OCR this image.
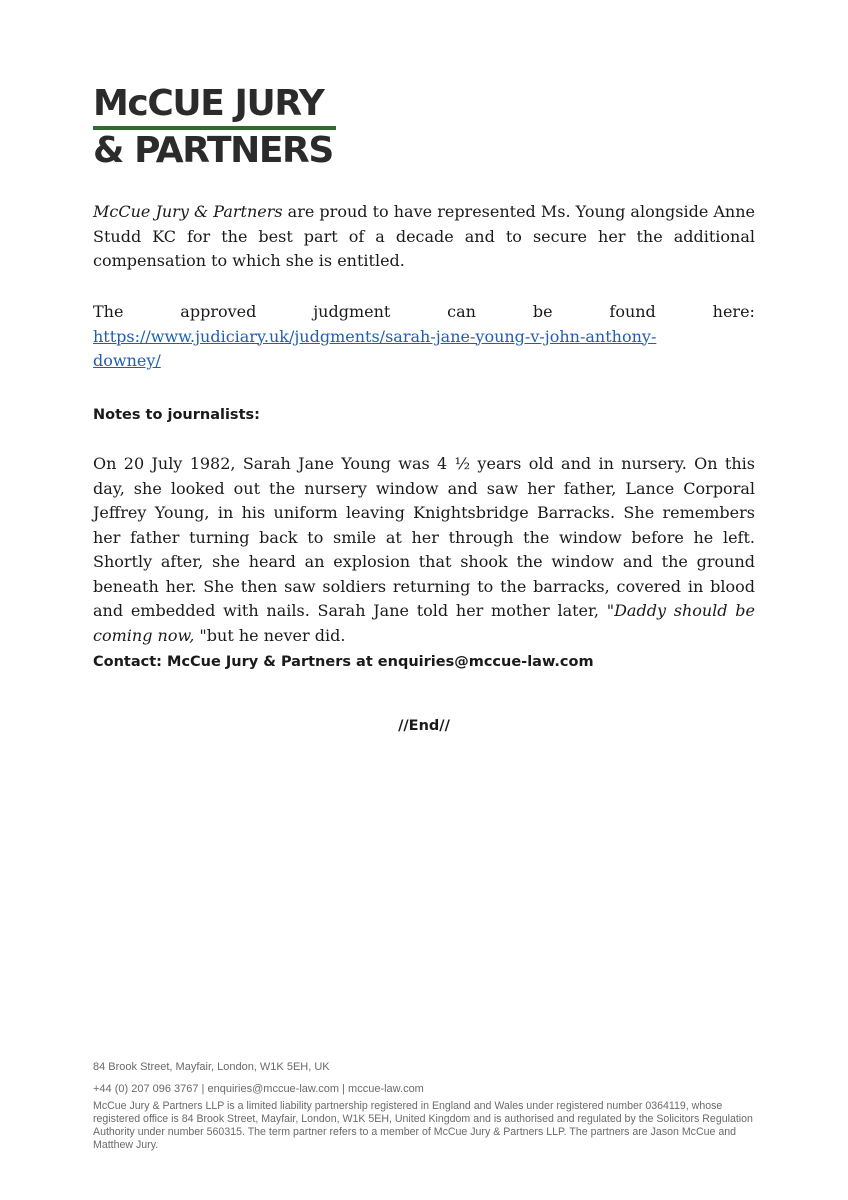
McCUE JURY
& PARTNERS

McCue Jury & Partners are proud to have represented Ms. Young alongside Anne Studd KC for the best part of a decade and to secure her the additional compensation to which she is entitled.

The	approved	judgment	can	be	found	here:
https://www.judiciary.uk/judgments/sarah-jane-young-v-john-anthony-
downey/
Notes to journalists:

On 20 July 1982, Sarah Jane Young was 4 ½ years old and in nursery. On this day, she looked out the nursery window and saw her father, Lance Corporal Jeffrey Young, in his uniform leaving Knightsbridge Barracks. She remembers her father turning back to smile at her through the window before he left. Shortly after, she heard an explosion that shook the window and the ground beneath her. She then saw soldiers returning to the barracks, covered in blood and embedded with nails. Sarah Jane told her mother later, "Daddy should be coming now, "but he never did.

Contact: McCue Jury & Partners at enquiries@mccue-law.com
//End//

84 Brook Street, Mayfair, London, W1K 5EH, UK

+44 (0) 207 096 3767 | enquiries@mccue-law.com | mccue-law.com

McCue Jury & Partners LLP is a limited liability partnership registered in England and Wales under registered number 0364119, whose registered office is 84 Brook Street, Mayfair, London, W1K 5EH, United Kingdom and is authorised and regulated by the Solicitors Regulation Authority under number 560315. The term partner refers to a member of McCue Jury & Partners LLP. The partners are Jason McCue and Matthew Jury.
